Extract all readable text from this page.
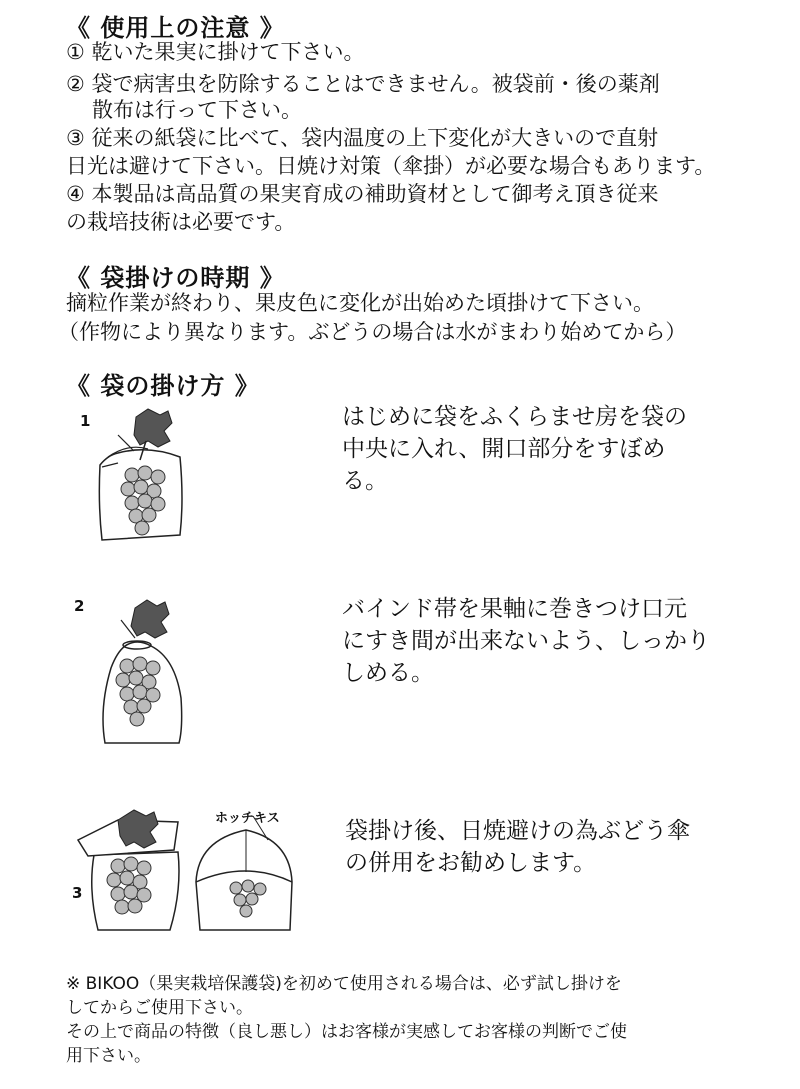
《 使用上の注意 》
① 乾いた果実に掛けて下さい。
② 袋で病害虫を防除することはできません。被袋前・後の薬剤
散布は行って下さい。
③ 従来の紙袋に比べて、袋内温度の上下変化が大きいので直射
日光は避けて下さい。日焼け対策（傘掛）が必要な場合もあります。
④ 本製品は高品質の果実育成の補助資材として御考え頂き従来
の栽培技術は必要です。
《 袋掛けの時期 》
摘粒作業が終わり、果皮色に変化が出始めた頃掛けて下さい。
（作物により異なります。ぶどうの場合は水がまわり始めてから）
《 袋の掛け方 》
1	はじめに袋をふくらませ房を袋の
中央に入れ、開口部分をすぼめ
る。
2	バインド帯を果軸に巻きつけ口元
にすき間が出来ないよう、しっかり
しめる。
3
ホッチキス	袋掛け後、日焼避けの為ぶどう傘
の併用をお勧めします。
※ BIKOO（果実栽培保護袋)を初めて使用される場合は、必ず試し掛けを
してからご使用下さい。
その上で商品の特徴（良し悪し）はお客様が実感してお客様の判断でご使
用下さい。
